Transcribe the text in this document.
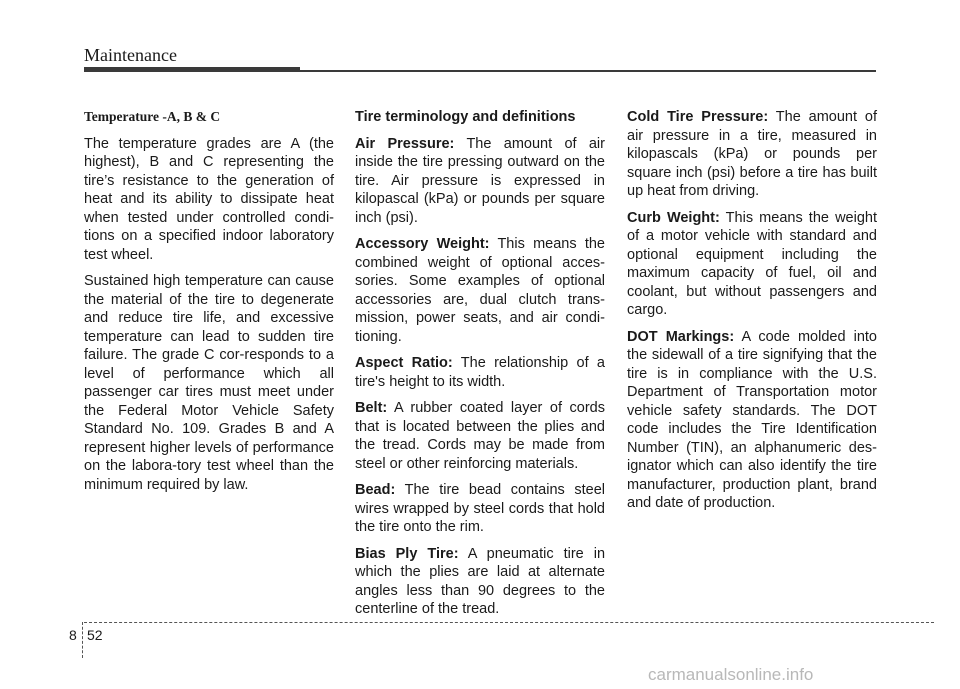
Maintenance

Temperature -A, B & C

The temperature grades are A (the highest), B and C representing the tire’s resistance to the generation of heat and its ability to dissipate heat when tested under controlled condi-tions on a specified indoor laboratory test wheel.

Sustained high temperature can cause the material of the tire to degenerate and reduce tire life, and excessive temperature can lead to sudden tire failure. The grade C cor-responds to a level of performance which all passenger car tires must meet under the Federal Motor Vehicle Safety Standard No. 109. Grades B and A represent higher levels of performance on the labora-tory test wheel than the minimum required by law.

Tire terminology and definitions

Air Pressure: The amount of air inside the tire pressing outward on the tire. Air pressure is expressed in kilopascal (kPa) or pounds per square inch (psi).

Accessory Weight: This means the combined weight of optional acces-sories. Some examples of optional accessories are, dual clutch trans-mission, power seats, and air condi-tioning.

Aspect Ratio: The relationship of a tire's height to its width.

Belt: A rubber coated layer of cords that is located between the plies and the tread. Cords may be made from steel or other reinforcing materials.

Bead: The tire bead contains steel wires wrapped by steel cords that hold the tire onto the rim.

Bias Ply Tire: A pneumatic tire in which the plies are laid at alternate angles less than 90 degrees to the centerline of the tread.

Cold Tire Pressure: The amount of air pressure in a tire, measured in kilopascals (kPa) or pounds per square inch (psi) before a tire has built up heat from driving.

Curb Weight: This means the weight of a motor vehicle with standard and optional equipment including the maximum capacity of fuel, oil and coolant, but without passengers and cargo.

DOT Markings: A code molded into the sidewall of a tire signifying that the tire is in compliance with the U.S. Department of Transportation motor vehicle safety standards. The DOT code includes the Tire Identification Number (TIN), an alphanumeric des-ignator which can also identify the tire manufacturer, production plant, brand and date of production.

8 52
carmanualsonline.info
